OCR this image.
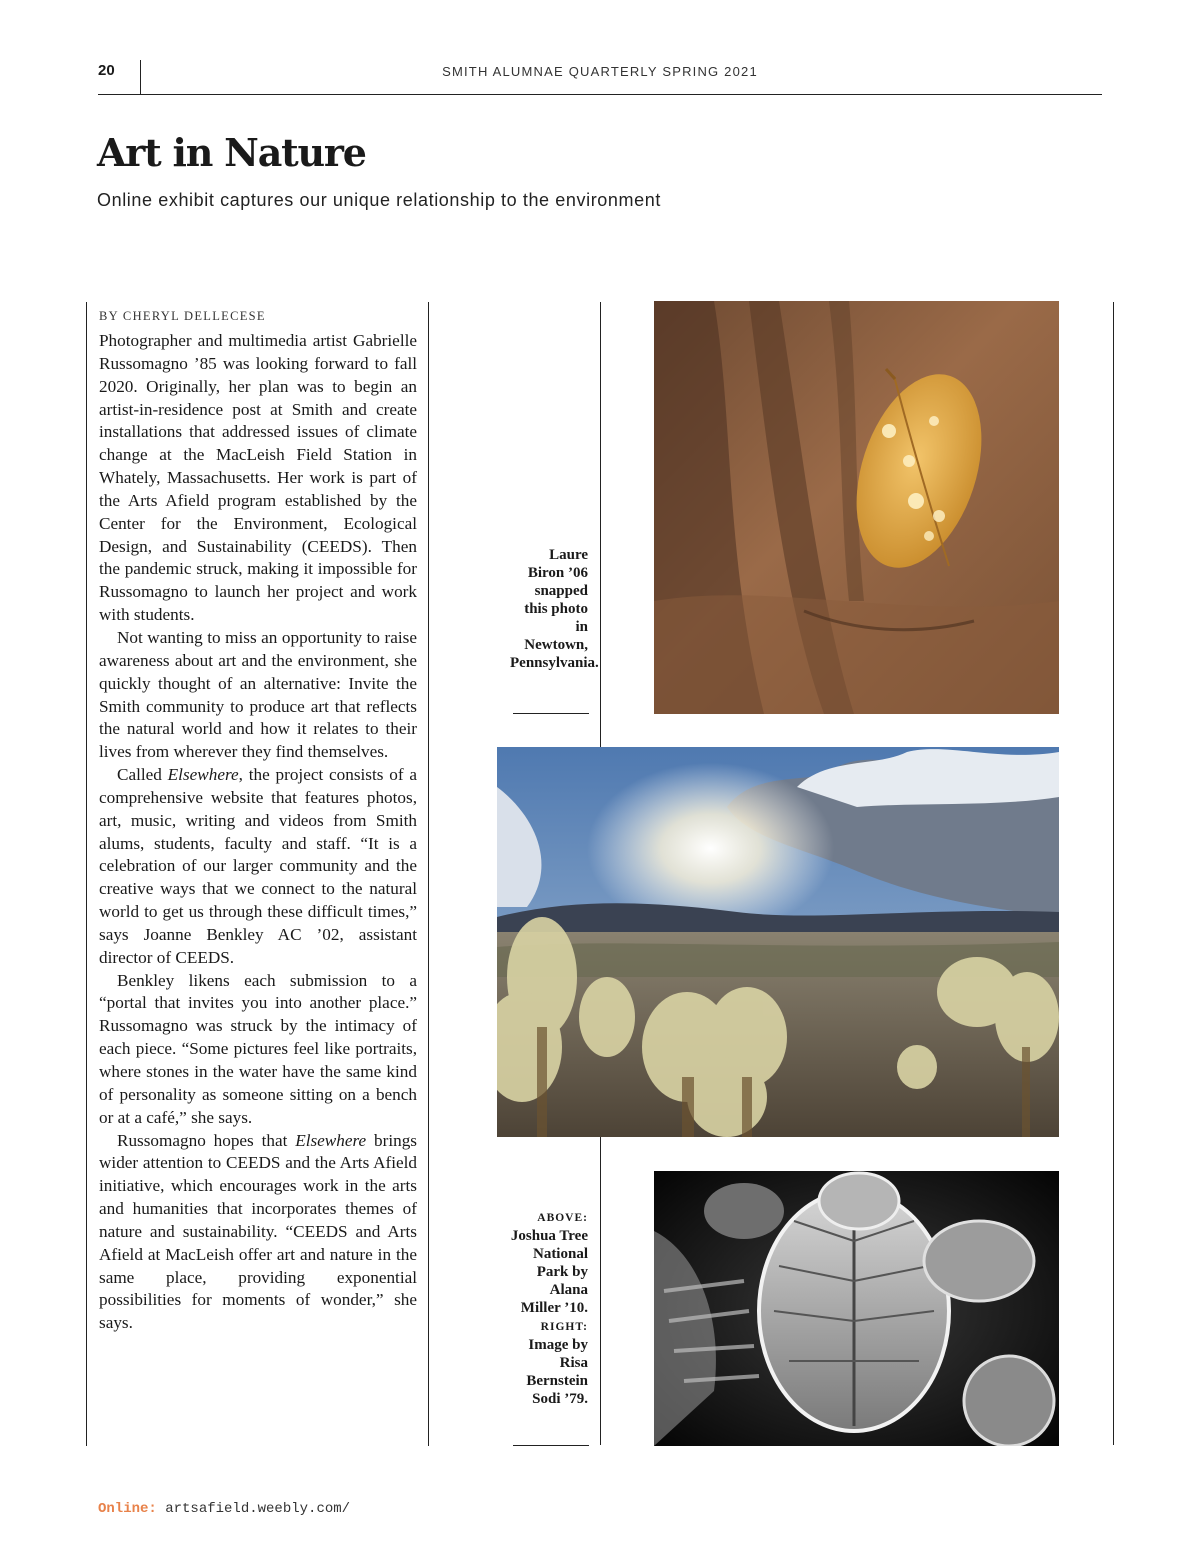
20	SMITH ALUMNAE QUARTERLY SPRING 2021
Art in Nature
Online exhibit captures our unique relationship to the environment
BY CHERYL DELLECESE

Photographer and multimedia artist Gabrielle Russomagno ’85 was looking forward to fall 2020. Originally, her plan was to begin an artist-in-residence post at Smith and create installations that addressed issues of climate change at the MacLeish Field Station in Whately, Massachusetts. Her work is part of the Arts Afield program established by the Center for the Environment, Ecological Design, and Sustainability (CEEDS). Then the pandemic struck, making it impossible for Russomagno to launch her project and work with students.

Not wanting to miss an opportunity to raise awareness about art and the environment, she quickly thought of an alternative: Invite the Smith community to produce art that reflects the natural world and how it relates to their lives from wherever they find themselves.

Called Elsewhere, the project consists of a comprehensive website that features photos, art, music, writing and videos from Smith alums, students, faculty and staff. “It is a celebration of our larger community and the creative ways that we connect to the natural world to get us through these difficult times,” says Joanne Benkley AC ’02, assistant director of CEEDS.

Benkley likens each submission to a “portal that invites you into another place.” Russomagno was struck by the intimacy of each piece. “Some pictures feel like portraits, where stones in the water have the same kind of personality as someone sitting on a bench or at a café,” she says.

Russomagno hopes that Elsewhere brings wider attention to CEEDS and the Arts Afield initiative, which encourages work in the arts and humanities that incorporates themes of nature and sustainability. “CEEDS and Arts Afield at MacLeish offer art and nature in the same place, providing exponential possibilities for moments of wonder,” she says.

Laure Biron ’06 snapped this photo in Newtown, Pennsylvania.
ABOVE: Joshua Tree National Park by Alana Miller ’10. RIGHT: Image by Risa Bernstein Sodi ’79.
Online: artsafield.weebly.com/
